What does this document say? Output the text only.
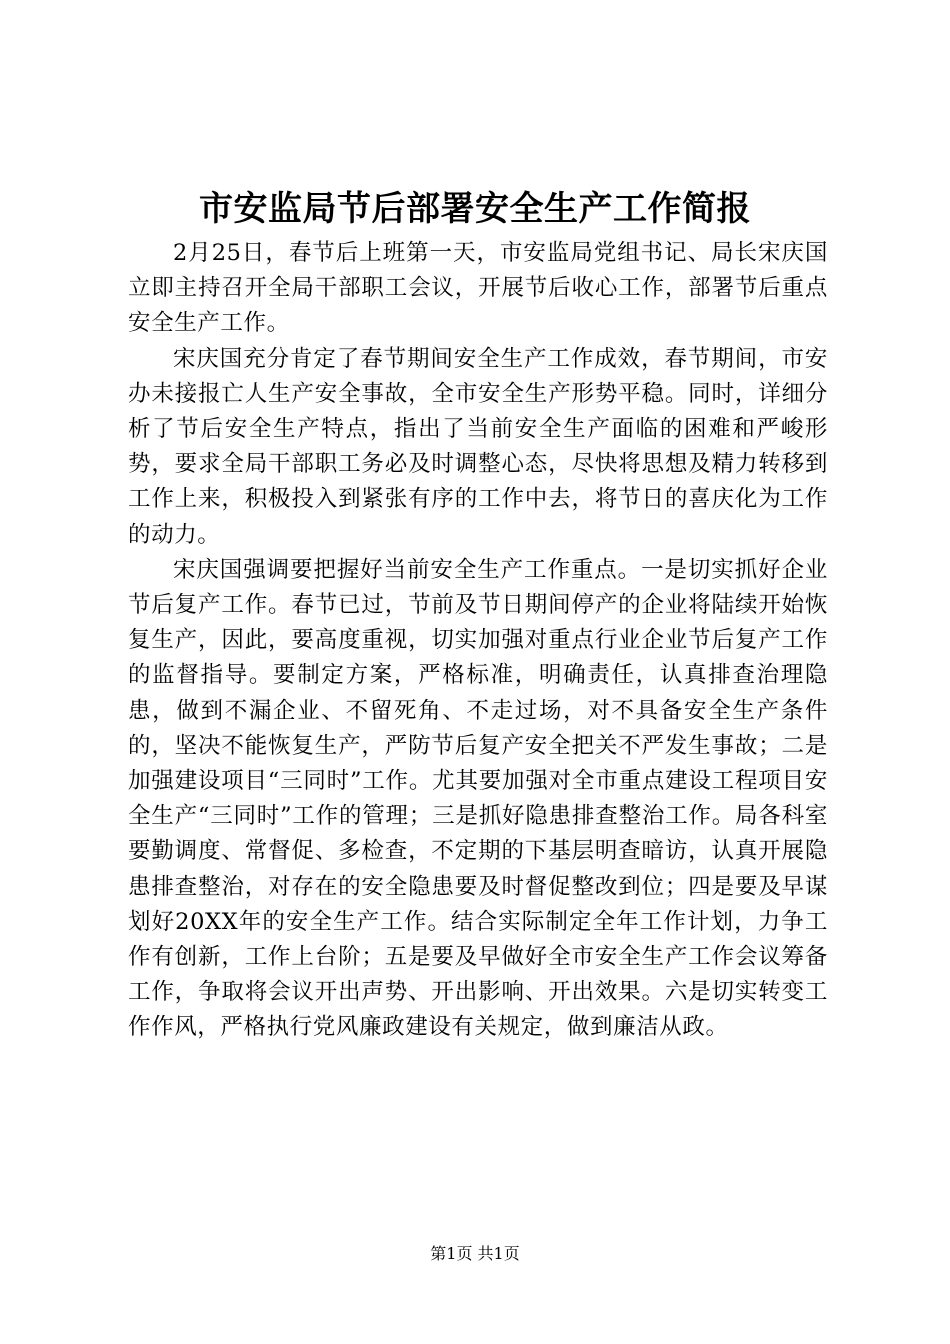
市安监局节后部署安全生产工作简报

2月25日，春节后上班第一天，市安监局党组书记、局长宋庆国立即主持召开全局干部职工会议，开展节后收心工作，部署节后重点安全生产工作。

宋庆国充分肯定了春节期间安全生产工作成效，春节期间，市安办未接报亡人生产安全事故，全市安全生产形势平稳。同时，详细分析了节后安全生产特点，指出了当前安全生产面临的困难和严峻形势，要求全局干部职工务必及时调整心态，尽快将思想及精力转移到工作上来，积极投入到紧张有序的工作中去，将节日的喜庆化为工作的动力。

宋庆国强调要把握好当前安全生产工作重点。一是切实抓好企业节后复产工作。春节已过，节前及节日期间停产的企业将陆续开始恢复生产，因此，要高度重视，切实加强对重点行业企业节后复产工作的监督指导。要制定方案，严格标准，明确责任，认真排查治理隐患，做到不漏企业、不留死角、不走过场，对不具备安全生产条件的，坚决不能恢复生产，严防节后复产安全把关不严发生事故；二是加强建设项目“三同时”工作。尤其要加强对全市重点建设工程项目安全生产“三同时”工作的管理；三是抓好隐患排查整治工作。局各科室要勤调度、常督促、多检查，不定期的下基层明查暗访，认真开展隐患排查整治，对存在的安全隐患要及时督促整改到位；四是要及早谋划好20XX年的安全生产工作。结合实际制定全年工作计划，力争工作有创新，工作上台阶；五是要及早做好全市安全生产工作会议筹备工作，争取将会议开出声势、开出影响、开出效果。六是切实转变工作作风，严格执行党风廉政建设有关规定，做到廉洁从政。

第1页 共1页
